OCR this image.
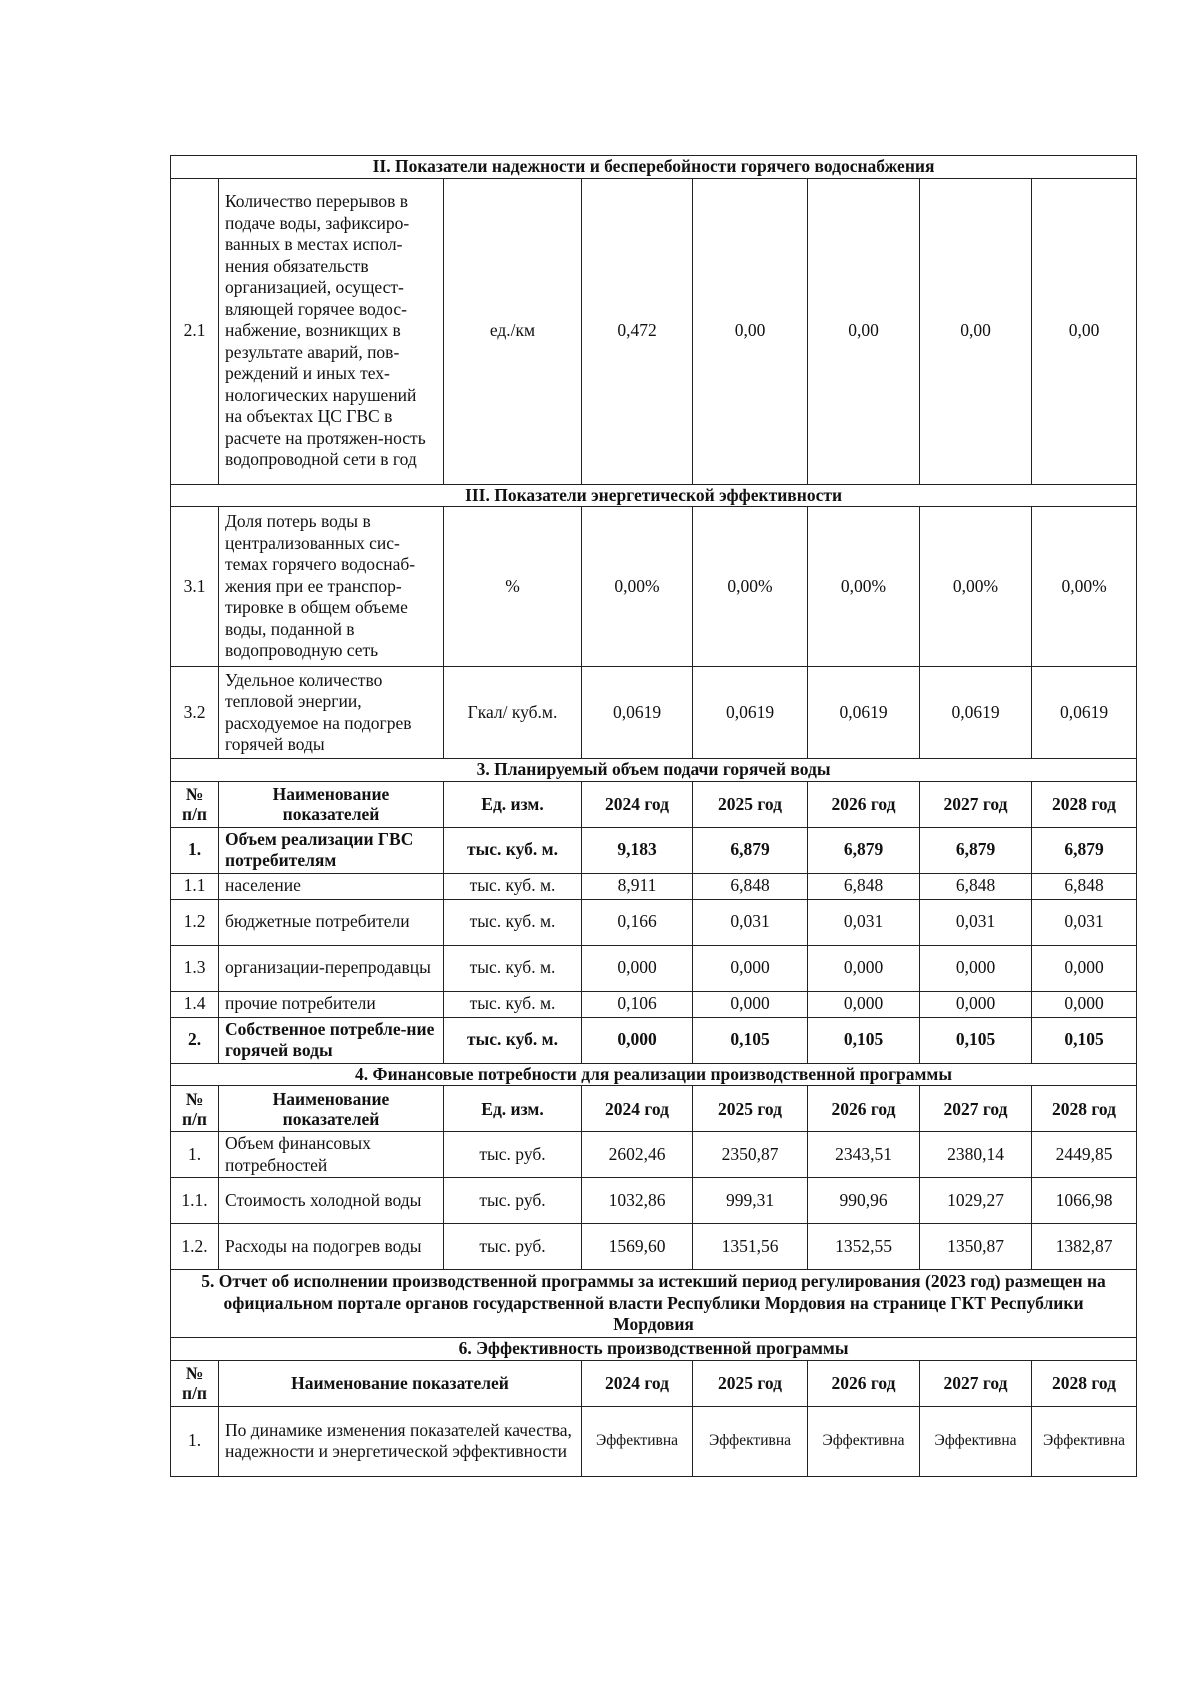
II. Показатели надежности и бесперебойности горячего водоснабжения							
2.1	Количество перерывов в подаче воды, зафиксиро-ванных в местах испол-нения обязательств организацией, осущест-вляющей горячее водос-набжение, возникщих в результате аварий, пов-реждений и иных тех-нологических нарушений на объектах ЦС ГВС в расчете на протяжен-ность водопроводной сети в год	ед./км	0,472	0,00	0,00	0,00	0,00
III. Показатели энергетической эффективности							
3.1	Доля потерь воды в централизованных сис-темах горячего водоснаб-жения при ее транспор-тировке в общем объеме воды, поданной в водопроводную сеть	%	0,00%	0,00%	0,00%	0,00%	0,00%
3.2	Удельное количество тепловой энергии, расходуемое на подогрев горячей воды	Гкал/ куб.м.	0,0619	0,0619	0,0619	0,0619	0,0619
3. Планируемый объем подачи горячей воды							
№ п/п	Наименование показателей	Ед. изм.	2024 год	2025 год	2026 год	2027 год	2028 год
1.	Объем реализации ГВС потребителям	тыс. куб. м.	9,183	6,879	6,879	6,879	6,879
1.1	население	тыс. куб. м.	8,911	6,848	6,848	6,848	6,848
1.2	бюджетные потребители	тыс. куб. м.	0,166	0,031	0,031	0,031	0,031
1.3	организации-перепродавцы	тыс. куб. м.	0,000	0,000	0,000	0,000	0,000
1.4	прочие потребители	тыс. куб. м.	0,106	0,000	0,000	0,000	0,000
2.	Собственное потребле-ние горячей воды	тыс. куб. м.	0,000	0,105	0,105	0,105	0,105
4. Финансовые потребности для реализации производственной программы							
№ п/п	Наименование показателей	Ед. изм.	2024 год	2025 год	2026 год	2027 год	2028 год
1.	Объем финансовых потребностей	тыс. руб.	2602,46	2350,87	2343,51	2380,14	2449,85
1.1.	Стоимость холодной воды	тыс. руб.	1032,86	999,31	990,96	1029,27	1066,98
1.2.	Расходы на подогрев воды	тыс. руб.	1569,60	1351,56	1352,55	1350,87	1382,87
5. Отчет об исполнении производственной программы за истекший период регулирования (2023 год) размещен на официальном портале органов государственной власти Республики Мордовия на странице ГКТ Республики Мордовия							
6. Эффективность производственной программы							
№ п/п	Наименование показателей		2024 год	2025 год	2026 год	2027 год	2028 год
1.	По динамике изменения показателей качества, надежности и энергетической эффективности		Эффективна	Эффективна	Эффективна	Эффективна	Эффективна
